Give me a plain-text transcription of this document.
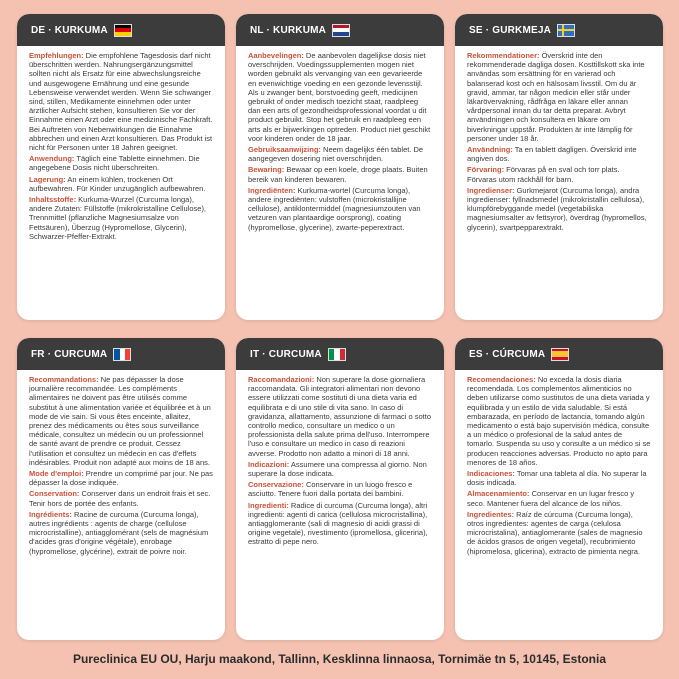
DE · KURKUMA

Empfehlungen: Die empfohlene Tagesdosis darf nicht überschritten werden. Nahrungsergänzungsmittel sollten nicht als Ersatz für eine abwechslungsreiche und ausgewogene Ernährung und eine gesunde Lebensweise verwendet werden. Wenn Sie schwanger sind, stillen, Medikamente einnehmen oder unter ärztlicher Aufsicht stehen, konsultieren Sie vor der Einnahme einen Arzt oder eine medizinische Fachkraft. Bei Auftreten von Nebenwirkungen die Einnahme abbrechen und einen Arzt konsultieren. Das Produkt ist nicht für Personen unter 18 Jahren geeignet.

Anwendung: Täglich eine Tablette einnehmen. Die angegebene Dosis nicht überschreiten.

Lagerung: An einem kühlen, trockenen Ort aufbewahren. Für Kinder unzugänglich aufbewahren.

Inhaltsstoffe: Kurkuma-Wurzel (Curcuma longa), andere Zutaten: Füllstoffe (mikrokristalline Cellulose), Trennmittel (pflanzliche Magnesiumsalze von Fettsäuren), Überzug (Hypromellose, Glycerin), Schwarzer-Pfeffer-Extrakt.

NL · KURKUMA

Aanbevelingen: De aanbevolen dagelijkse dosis niet overschrijden. Voedingssupplementen mogen niet worden gebruikt als vervanging van een gevarieerde en evenwichtige voeding en een gezonde levensstijl. Als u zwanger bent, borstvoeding geeft, medicijnen gebruikt of onder medisch toezicht staat, raadpleeg dan een arts of gezondheidsprofessional voordat u dit product gebruikt. Stop het gebruik en raadpleeg een arts als er bijwerkingen optreden. Product niet geschikt voor kinderen onder de 18 jaar.

Gebruiksaanwijzing: Neem dagelijks één tablet. De aangegeven dosering niet overschrijden.

Bewaring: Bewaar op een koele, droge plaats. Buiten bereik van kinderen bewaren.

Ingrediënten: Kurkuma-wortel (Curcuma longa), andere ingrediënten: vulstoffen (microkristallijne cellulose), antiklontermiddel (magnesiumzouten van vetzuren van plantaardige oorsprong), coating (hypromellose, glycerine), zwarte-peperextract.

SE · GURKMEJA

Rekommendationer: Överskrid inte den rekommenderade dagliga dosen. Kosttillskott ska inte användas som ersättning för en varierad och balanserad kost och en hälsosam livsstil. Om du är gravid, ammar, tar någon medicin eller står under läkarövervakning, rådfråga en läkare eller annan vårdpersonal innan du tar detta preparat. Avbryt användningen och konsultera en läkare om biverkningar uppstår. Produkten är inte lämplig för personer under 18 år.

Användning: Ta en tablett dagligen. Överskrid inte angiven dos.

Förvaring: Förvaras på en sval och torr plats. Förvaras utom räckhåll för barn.

Ingredienser: Gurkmejarot (Curcuma longa), andra ingredienser: fyllnadsmedel (mikrokristallin cellulosa), klumpförebyggande medel (vegetabiliska magnesiumsalter av fettsyror), överdrag (hypromellos, glycerin), svartpepparextrakt.

FR · CURCUMA

Recommandations: Ne pas dépasser la dose journalière recommandée. Les compléments alimentaires ne doivent pas être utilisés comme substitut à une alimentation variée et équilibrée et à un mode de vie sain. Si vous êtes enceinte, allaitez, prenez des médicaments ou êtes sous surveillance médicale, consultez un médecin ou un professionnel de santé avant de prendre ce produit. Cessez l'utilisation et consultez un médecin en cas d'effets indésirables. Produit non adapté aux moins de 18 ans.

Mode d'emploi: Prendre un comprimé par jour. Ne pas dépasser la dose indiquée.

Conservation: Conserver dans un endroit frais et sec. Tenir hors de portée des enfants.

Ingrédients: Racine de curcuma (Curcuma longa), autres ingrédients : agents de charge (cellulose microcristalline), antiagglomérant (sels de magnésium d'acides gras d'origine végétale), enrobage (hypromellose, glycérine), extrait de poivre noir.

IT · CURCUMA

Raccomandazioni: Non superare la dose giornaliera raccomandata. Gli integratori alimentari non devono essere utilizzati come sostituti di una dieta varia ed equilibrata e di uno stile di vita sano. In caso di gravidanza, allattamento, assunzione di farmaci o sotto controllo medico, consultare un medico o un professionista della salute prima dell'uso. Interrompere l'uso e consultare un medico in caso di reazioni avverse. Prodotto non adatto a minori di 18 anni.

Indicazioni: Assumere una compressa al giorno. Non superare la dose indicata.

Conservazione: Conservare in un luogo fresco e asciutto. Tenere fuori dalla portata dei bambini.

Ingredienti: Radice di curcuma (Curcuma longa), altri ingredienti: agenti di carica (cellulosa microcristallina), antiagglomerante (sali di magnesio di acidi grassi di origine vegetale), rivestimento (ipromellosa, glicerina), estratto di pepe nero.

ES · CÚRCUMA

Recomendaciones: No exceda la dosis diaria recomendada. Los complementos alimenticios no deben utilizarse como sustitutos de una dieta variada y equilibrada y un estilo de vida saludable. Si está embarazada, en período de lactancia, tomando algún medicamento o está bajo supervisión médica, consulte a un médico o profesional de la salud antes de tomarlo. Suspenda su uso y consulte a un médico si se producen reacciones adversas. Producto no apto para menores de 18 años.

Indicaciones: Tomar una tableta al día. No superar la dosis indicada.

Almacenamiento: Conservar en un lugar fresco y seco. Mantener fuera del alcance de los niños.

Ingredientes: Raíz de cúrcuma (Curcuma longa), otros ingredientes: agentes de carga (celulosa microcristalina), antiaglomerante (sales de magnesio de ácidos grasos de origen vegetal), recubrimiento (hipromelosa, glicerina), extracto de pimienta negra.

Pureclinica EU OU, Harju maakond, Tallinn, Kesklinna linnaosa, Tornimäe tn 5, 10145, Estonia
